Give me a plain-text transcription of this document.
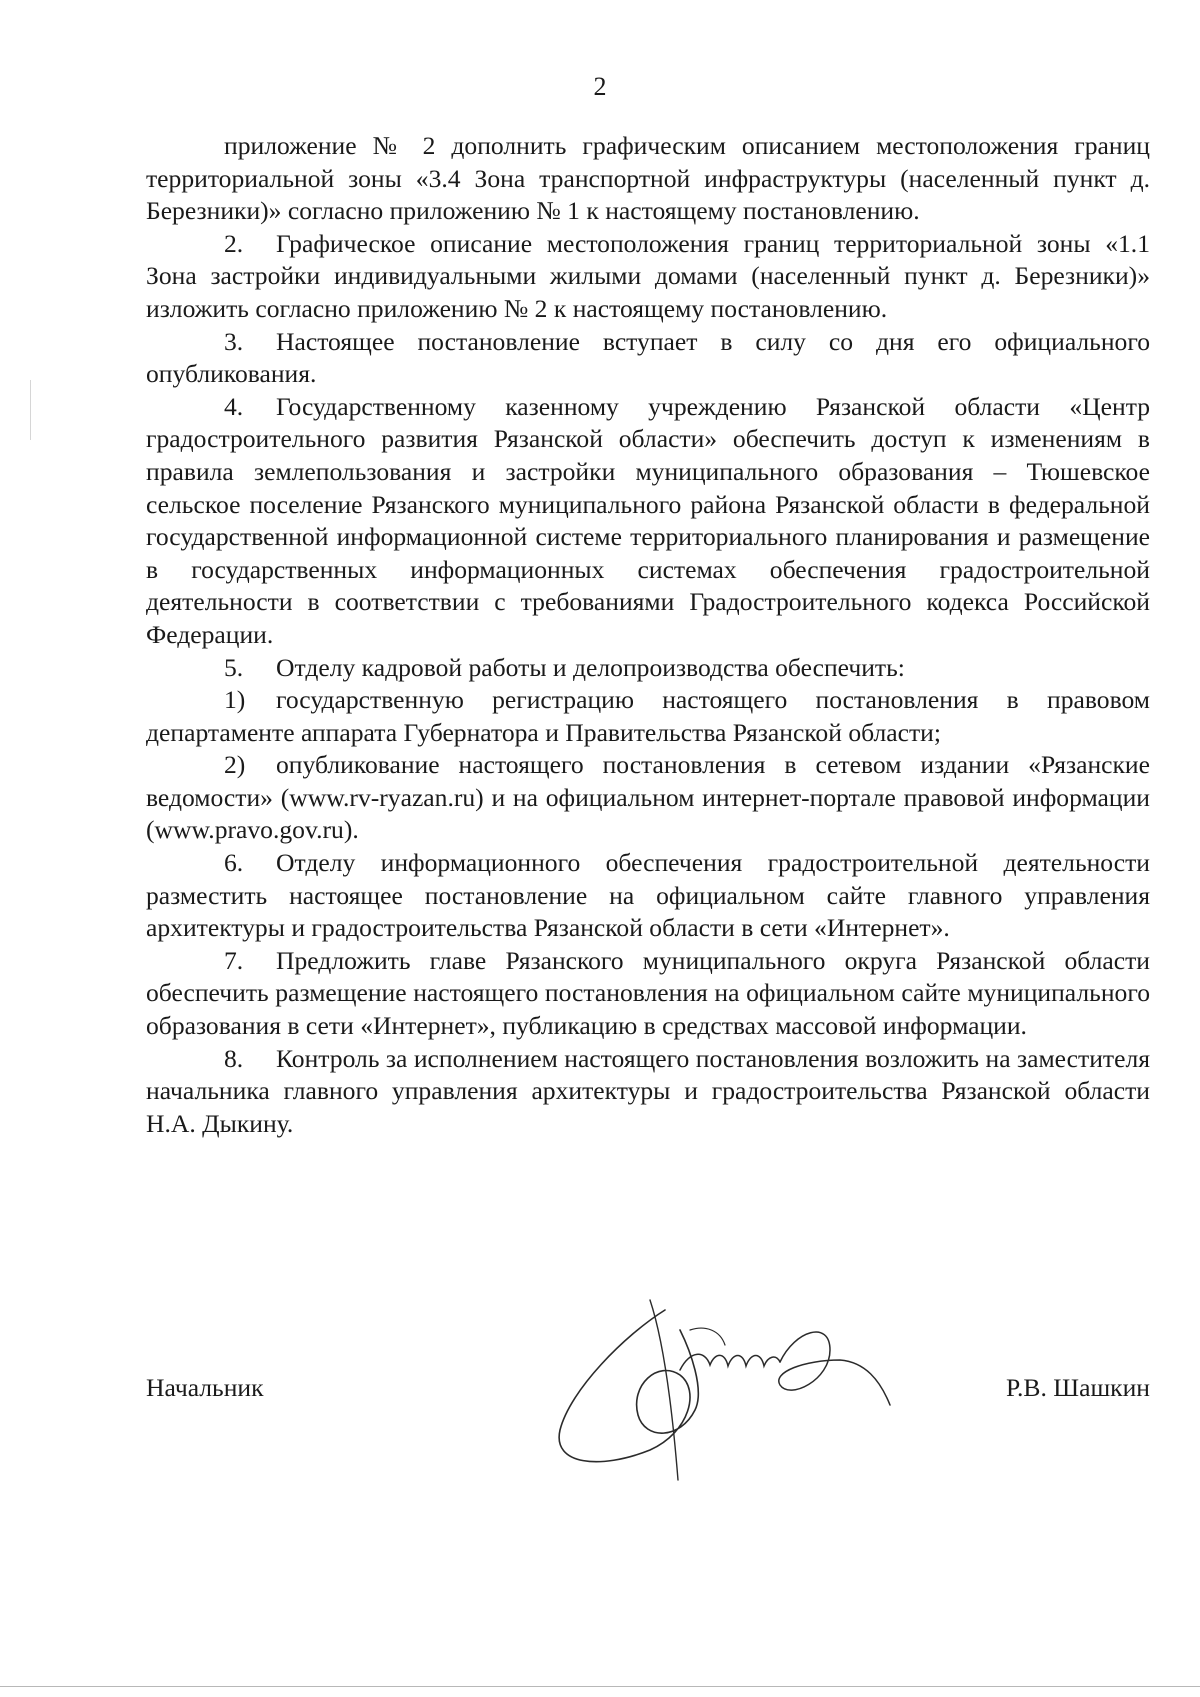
2

приложение № 2 дополнить графическим описанием местоположения границ территориальной зоны «3.4 Зона транспортной инфраструктуры (населенный пункт д. Березники)» согласно приложению № 1 к настоящему постановлению.

2. Графическое описание местоположения границ территориальной зоны «1.1 Зона застройки индивидуальными жилыми домами (населенный пункт д. Березники)» изложить согласно приложению № 2 к настоящему постановлению.

3. Настоящее постановление вступает в силу со дня его официального опубликования.

4. Государственному казенному учреждению Рязанской области «Центр градостроительного развития Рязанской области» обеспечить доступ к изменениям в правила землепользования и застройки муниципального образования – Тюшевское сельское поселение Рязанского муниципального района Рязанской области в федеральной государственной информационной системе территориального планирования и размещение в государственных информационных системах обеспечения градостроительной деятельности в соответствии с требованиями Градостроительного кодекса Российской Федерации.

5. Отделу кадровой работы и делопроизводства обеспечить:

1) государственную регистрацию настоящего постановления в правовом департаменте аппарата Губернатора и Правительства Рязанской области;

2) опубликование настоящего постановления в сетевом издании «Рязанские ведомости» (www.rv-ryazan.ru) и на официальном интернет-портале правовой информации (www.pravo.gov.ru).

6. Отделу информационного обеспечения градостроительной деятельности разместить настоящее постановление на официальном сайте главного управления архитектуры и градостроительства Рязанской области в сети «Интернет».

7. Предложить главе Рязанского муниципального округа Рязанской области обеспечить размещение настоящего постановления на официальном сайте муниципального образования в сети «Интернет», публикацию в средствах массовой информации.

8. Контроль за исполнением настоящего постановления возложить на заместителя начальника главного управления архитектуры и градостроительства Рязанской области Н.А. Дыкину.

Начальник	Р.В. Шашкин
